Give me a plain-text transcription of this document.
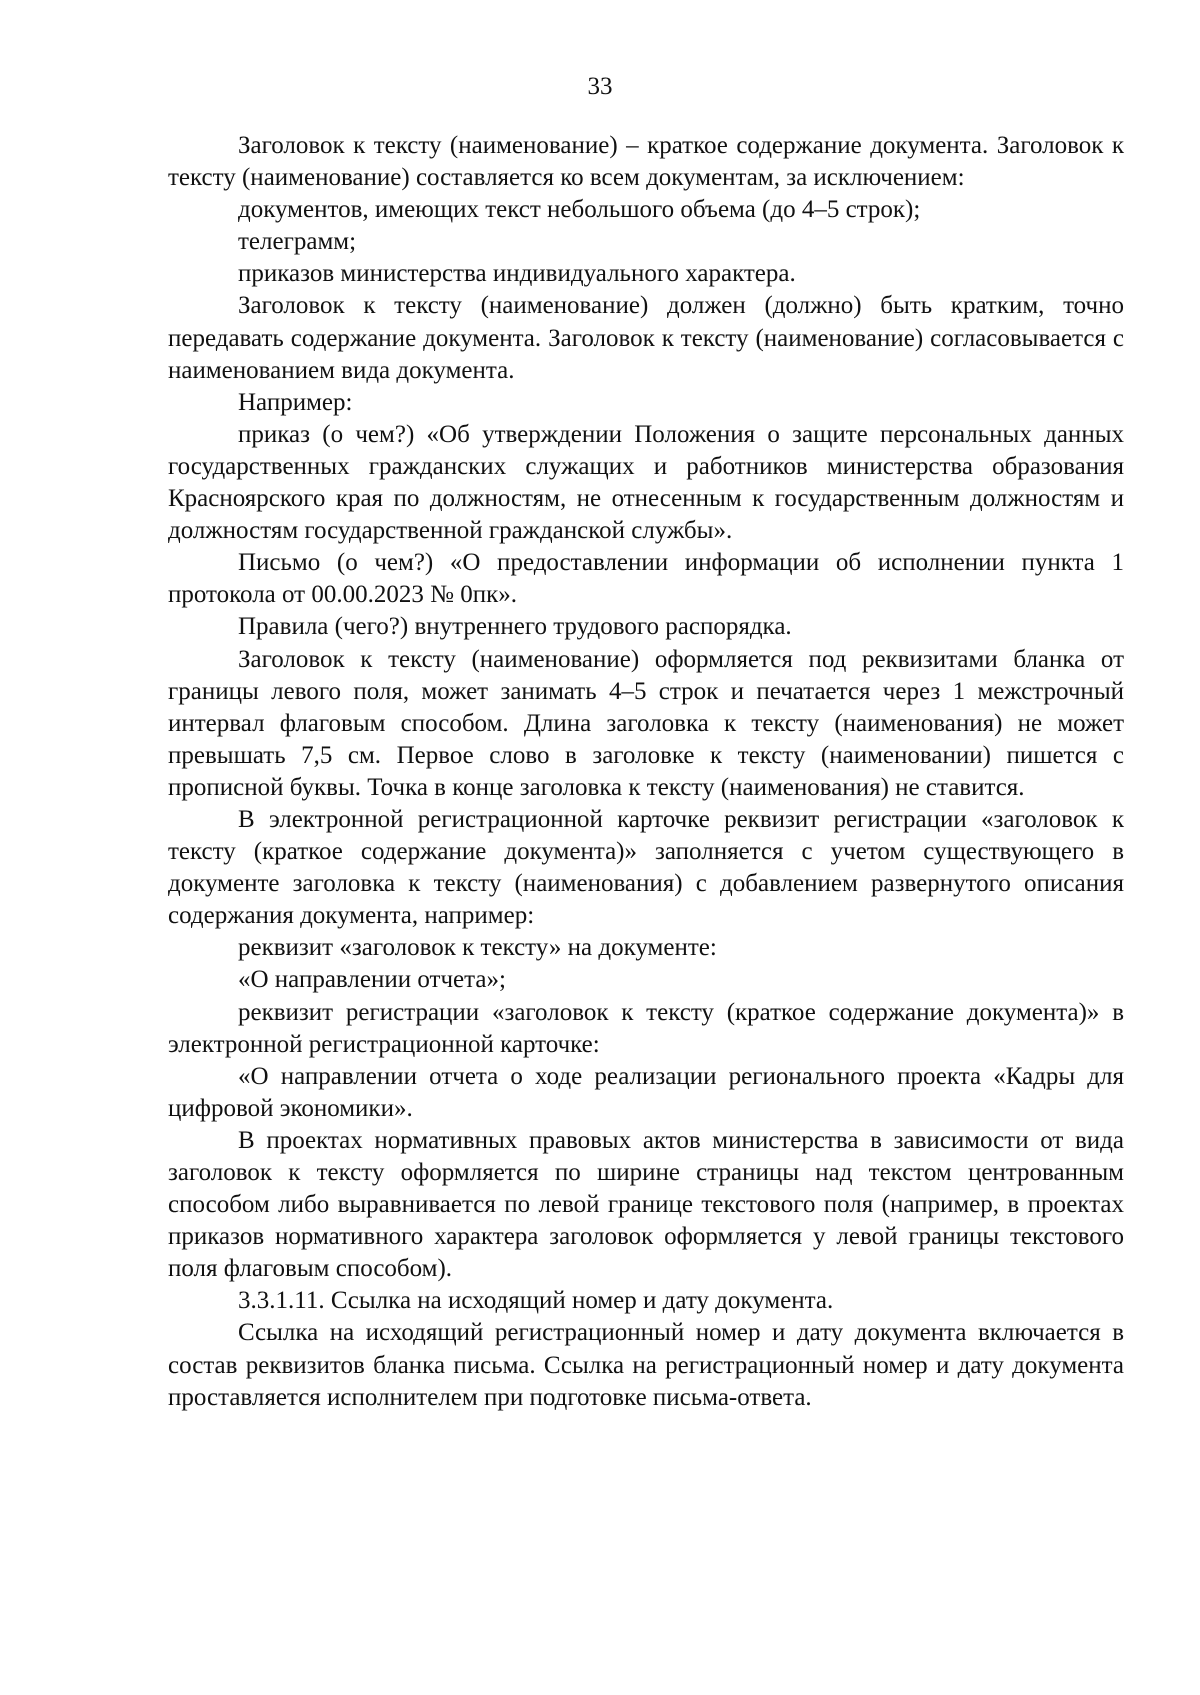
33

Заголовок к тексту (наименование) – краткое содержание документа. Заголовок к тексту (наименование) составляется ко всем документам, за исключением:

документов, имеющих текст небольшого объема (до 4–5 строк);

телеграмм;

приказов министерства индивидуального характера.

Заголовок к тексту (наименование) должен (должно) быть кратким, точно передавать содержание документа. Заголовок к тексту (наименование) согласовывается с наименованием вида документа.

Например:

приказ (о чем?) «Об утверждении Положения о защите персональных данных государственных гражданских служащих и работников министерства образования Красноярского края по должностям, не отнесенным к государственным должностям и должностям государственной гражданской службы».

Письмо (о чем?) «О предоставлении информации об исполнении пункта 1 протокола от 00.00.2023 № 0пк».

Правила (чего?) внутреннего трудового распорядка.

Заголовок к тексту (наименование) оформляется под реквизитами бланка от границы левого поля, может занимать 4–5 строк и печатается через 1 межстрочный интервал флаговым способом. Длина заголовка к тексту (наименования) не может превышать 7,5 см. Первое слово в заголовке к тексту (наименовании) пишется с прописной буквы. Точка в конце заголовка к тексту (наименования) не ставится.

В электронной регистрационной карточке реквизит регистрации «заголовок к тексту (краткое содержание документа)» заполняется с учетом существующего в документе заголовка к тексту (наименования) с добавлением развернутого описания содержания документа, например:

реквизит «заголовок к тексту» на документе:

«О направлении отчета»;

реквизит регистрации «заголовок к тексту (краткое содержание документа)» в электронной регистрационной карточке:

«О направлении отчета о ходе реализации регионального проекта «Кадры для цифровой экономики».

В проектах нормативных правовых актов министерства в зависимости от вида заголовок к тексту оформляется по ширине страницы над текстом центрованным способом либо выравнивается по левой границе текстового поля (например, в проектах приказов нормативного характера заголовок оформляется у левой границы текстового поля флаговым способом).

3.3.1.11. Ссылка на исходящий номер и дату документа.

Ссылка на исходящий регистрационный номер и дату документа включается в состав реквизитов бланка письма. Ссылка на регистрационный номер и дату документа проставляется исполнителем при подготовке письма-ответа.
